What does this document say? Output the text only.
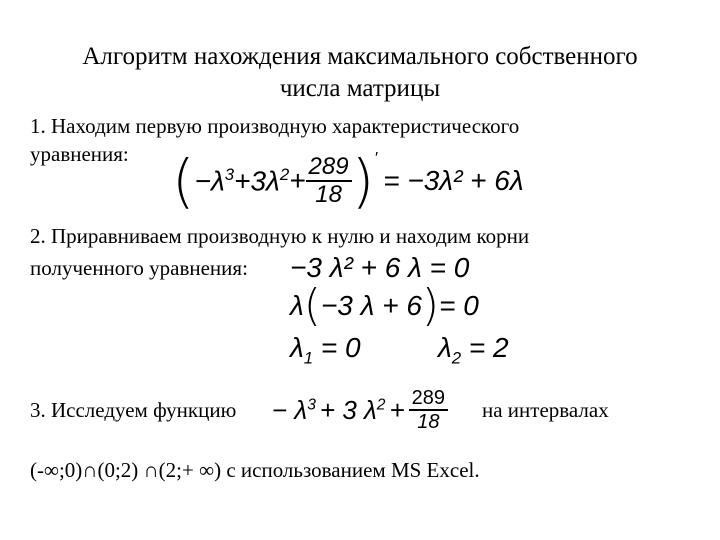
Алгоритм нахождения максимального собственного
числа матрицы
1. Находим первую производную характеристического
уравнения: ( $-\lambda^3 +3\lambda^2 + \frac{289}{18}$ ) ′
= −3λ² + 6λ
2. Приравниваем производную к нулю и находим корни
полученного уравнения: −3 λ² + 6 λ = 0
λ ( −3 λ + 6 ) = 0
$\lambda_1 = 0$	$\lambda_2 = 2$
3. Исследуем функцию − $\lambda^3 + 3$ $\lambda^2 + \frac{289}{18}$ на интервалах
(-∞;0)∩(0;2) ∩(2;+ ∞) с использованием MS Excel.
